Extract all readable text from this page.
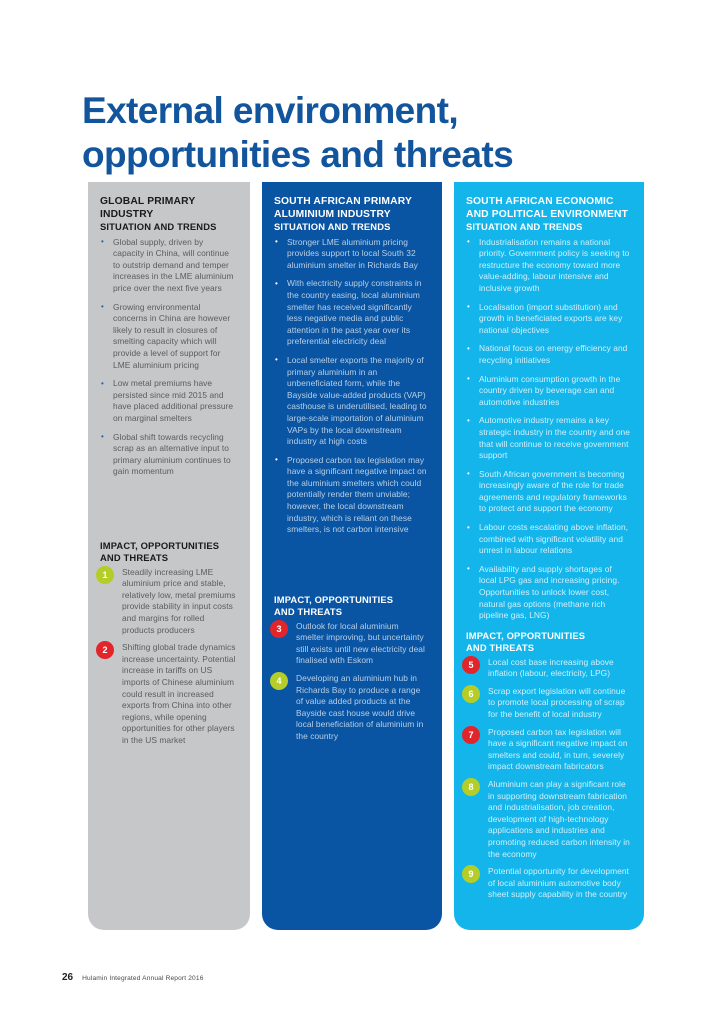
External environment,
opportunities and threats
GLOBAL PRIMARY
INDUSTRY
SITUATION AND TRENDS
• Global supply, driven by capacity in China, will continue to outstrip demand and temper increases in the LME aluminium price over the next five years
• Growing environmental concerns in China are however likely to result in closures of smelting capacity which will provide a level of support for LME aluminium pricing
• Low metal premiums have persisted since mid 2015 and have placed additional pressure on marginal smelters
• Global shift towards recycling scrap as an alternative input to primary aluminium continues to gain momentum
IMPACT, OPPORTUNITIES
AND THREATS
1	Steadily increasing LME aluminium price and stable, relatively low, metal premiums provide stability in input costs and margins for rolled products producers
2	Shifting global trade dynamics increase uncertainty. Potential increase in tariffs on US imports of Chinese aluminium could result in increased exports from China into other regions, while opening opportunities for other players in the US market
SOUTH AFRICAN PRIMARY
ALUMINIUM INDUSTRY
SITUATION AND TRENDS
• Stronger LME aluminium pricing provides support to local South 32 aluminium smelter in Richards Bay
• With electricity supply constraints in the country easing, local aluminium smelter has received significantly less negative media and public attention in the past year over its preferential electricity deal
• Local smelter exports the majority of primary aluminium in an unbeneficiated form, while the Bayside value-added products (VAP) casthouse is underutilised, leading to large-scale importation of aluminium VAPs by the local downstream industry at high costs
• Proposed carbon tax legislation may have a significant negative impact on the aluminium smelters which could potentially render them unviable; however, the local downstream industry, which is reliant on these smelters, is not carbon intensive
IMPACT, OPPORTUNITIES
AND THREATS
3	Outlook for local aluminium smelter improving, but uncertainty still exists until new electricity deal finalised with Eskom
4	Developing an aluminium hub in Richards Bay to produce a range of value added products at the Bayside cast house would drive local beneficiation of aluminium in the country
SOUTH AFRICAN ECONOMIC
AND POLITICAL ENVIRONMENT
SITUATION AND TRENDS
• Industrialisation remains a national priority. Government policy is seeking to restructure the economy toward more value-adding, labour intensive and inclusive growth
• Localisation (import substitution) and growth in beneficiated exports are key national objectives
• National focus on energy efficiency and recycling initiatives
• Aluminium consumption growth in the country driven by beverage can and automotive industries
• Automotive industry remains a key strategic industry in the country and one that will continue to receive government support
• South African government is becoming increasingly aware of the role for trade agreements and regulatory frameworks to protect and support the economy
• Labour costs escalating above inflation, combined with significant volatility and unrest in labour relations
• Availability and supply shortages of local LPG gas and increasing pricing. Opportunities to unlock lower cost, natural gas options (methane rich pipeline gas, LNG)
IMPACT, OPPORTUNITIES
AND THREATS
5	Local cost base increasing above inflation (labour, electricity, LPG)
6	Scrap export legislation will continue to promote local processing of scrap for the benefit of local industry
7	Proposed carbon tax legislation will have a significant negative impact on smelters and could, in turn, severely impact downstream fabricators
8	Aluminium can play a significant role in supporting downstream fabrication and industrialisation, job creation, development of high-technology applications and industries and promoting reduced carbon intensity in the economy
9	Potential opportunity for development of local aluminium automotive body sheet supply capability in the country
26 Hulamin Integrated Annual Report 2016
